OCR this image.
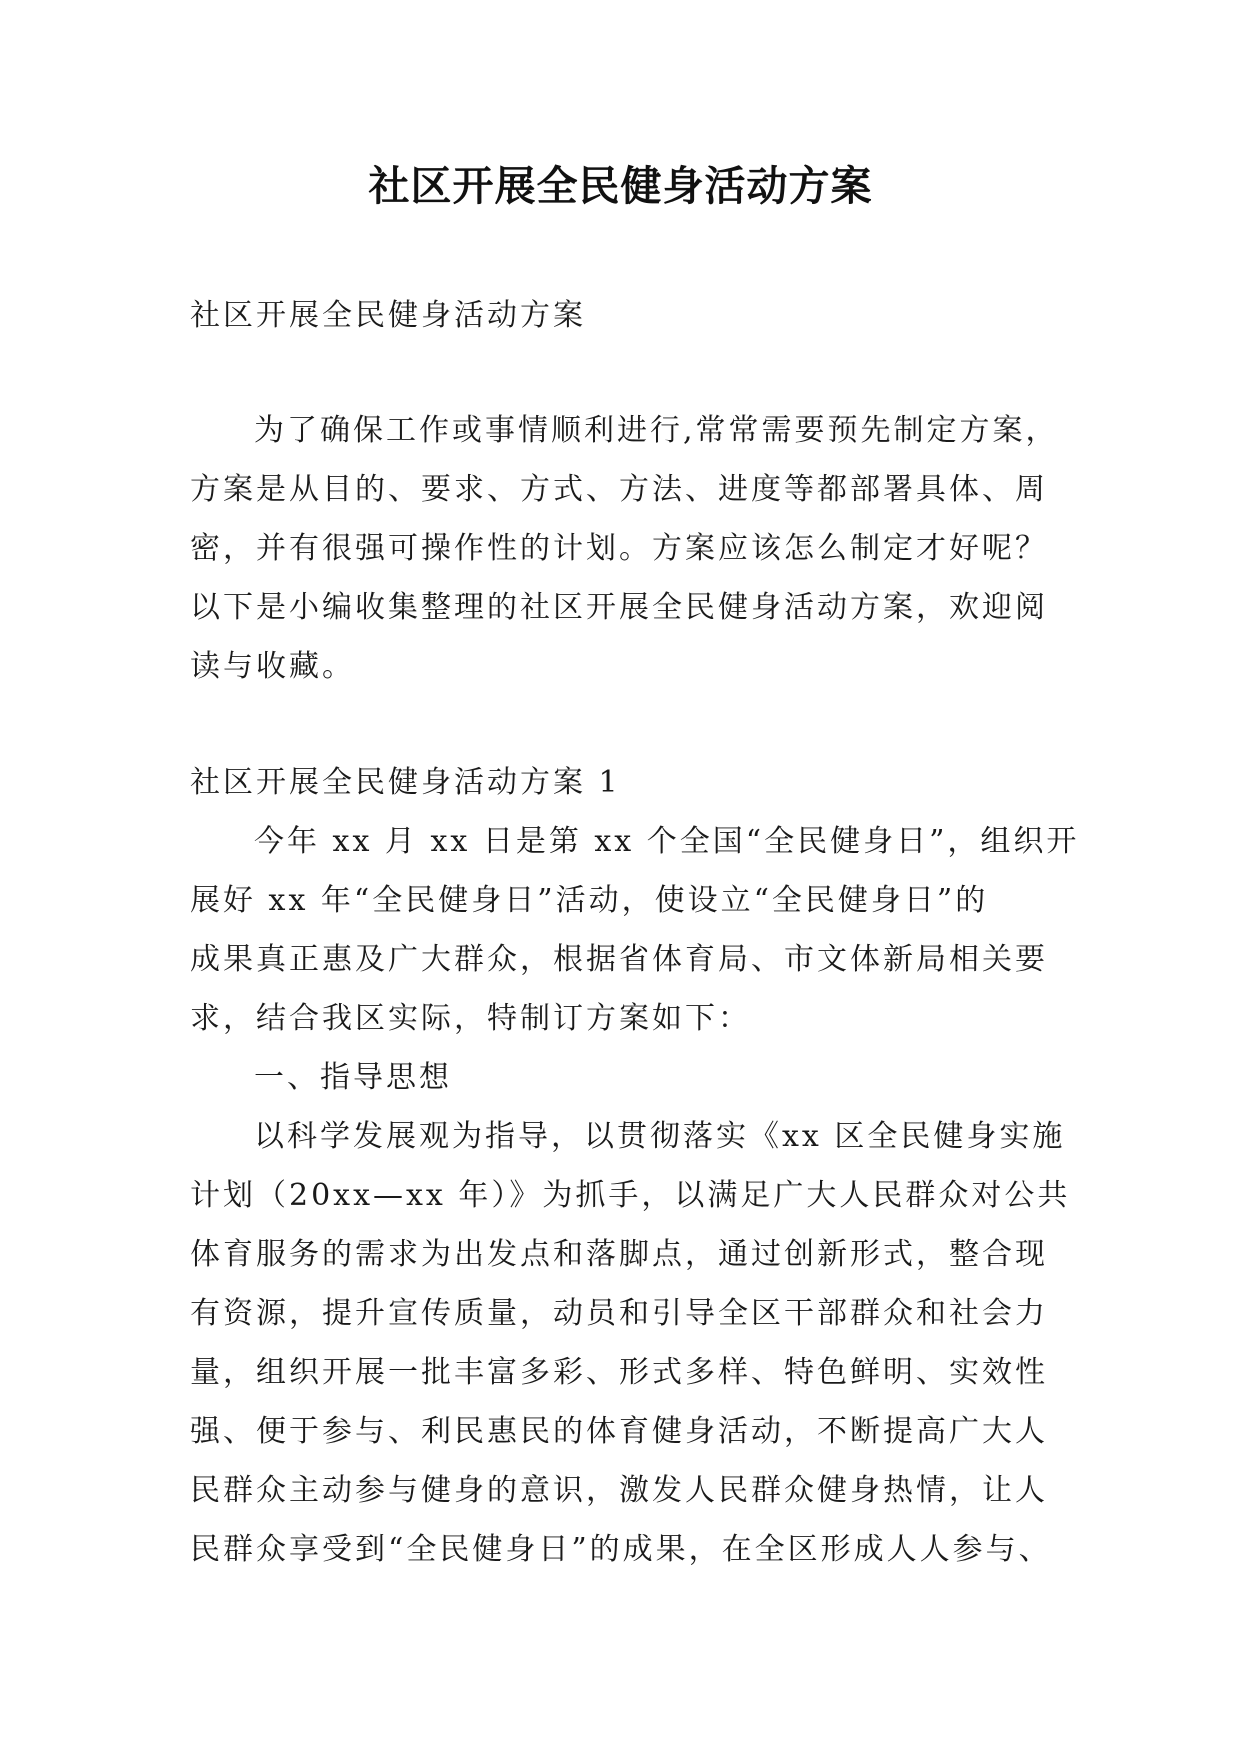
社区开展全民健身活动方案

社区开展全民健身活动方案

为了确保工作或事情顺利进行,常常需要预先制定方案，

方案是从目的、要求、方式、方法、进度等都部署具体、周

密，并有很强可操作性的计划。方案应该怎么制定才好呢？

以下是小编收集整理的社区开展全民健身活动方案，欢迎阅

读与收藏。

社区开展全民健身活动方案 1

今年 xx 月 xx 日是第 xx 个全国“全民健身日”，组织开

展好 xx 年“全民健身日”活动，使设立“全民健身日”的

成果真正惠及广大群众，根据省体育局、市文体新局相关要

求，结合我区实际，特制订方案如下：

一、指导思想

以科学发展观为指导，以贯彻落实《xx 区全民健身实施

计划（20xx—xx 年）》为抓手，以满足广大人民群众对公共

体育服务的需求为出发点和落脚点，通过创新形式，整合现

有资源，提升宣传质量，动员和引导全区干部群众和社会力

量，组织开展一批丰富多彩、形式多样、特色鲜明、实效性

强、便于参与、利民惠民的体育健身活动，不断提高广大人

民群众主动参与健身的意识，激发人民群众健身热情，让人

民群众享受到“全民健身日”的成果，在全区形成人人参与、
